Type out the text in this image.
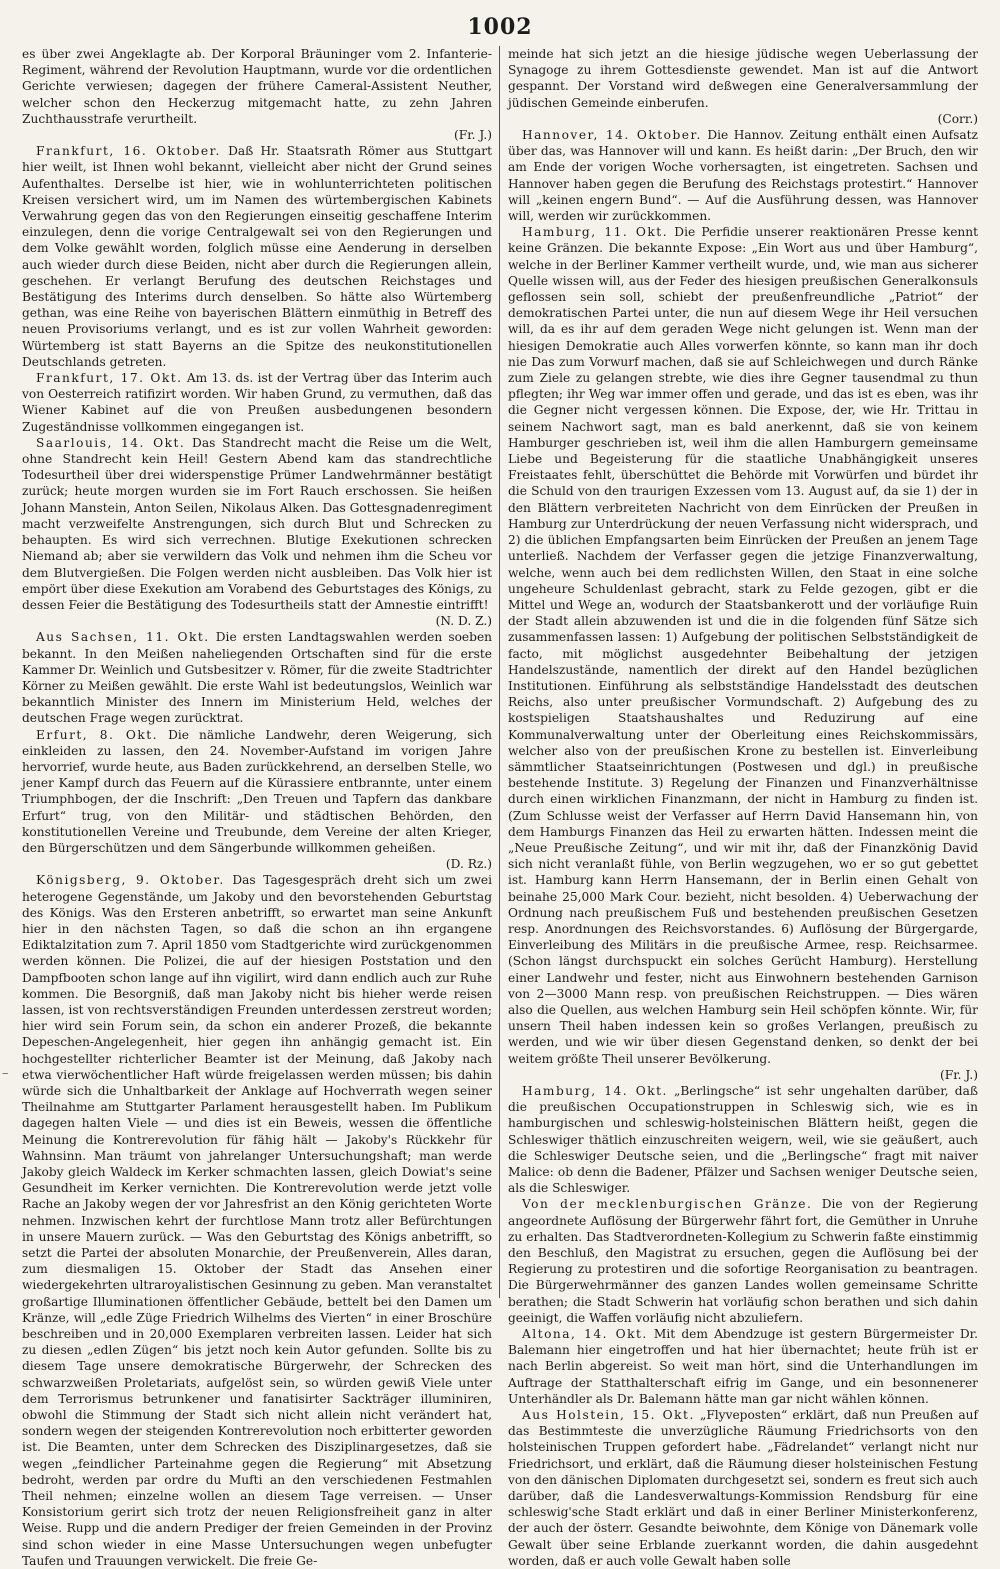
1002

es über zwei Angeklagte ab. Der Korporal Bräuninger vom 2. Infanterie-Regiment, während der Revolution Hauptmann, wurde vor die ordentlichen Gerichte verwiesen; dagegen der frühere Cameral-Assistent Neuther, welcher schon den Heckerzug mitgemacht hatte, zu zehn Jahren Zuchthausstrafe verurtheilt.
(Fr. J.)

Frankfurt, 16. Oktober. Daß Hr. Staatsrath Römer aus Stuttgart hier weilt, ist Ihnen wohl bekannt, vielleicht aber nicht der Grund seines Aufenthaltes. Derselbe ist hier, wie in wohlunterrichteten politischen Kreisen versichert wird, um im Namen des würtembergischen Kabinets Verwahrung gegen das von den Regierungen einseitig geschaffene Interim einzulegen, denn die vorige Centralgewalt sei von den Regierungen und dem Volke gewählt worden, folglich müsse eine Aenderung in derselben auch wieder durch diese Beiden, nicht aber durch die Regierungen allein, geschehen. Er verlangt Berufung des deutschen Reichstages und Bestätigung des Interims durch denselben. So hätte also Würtemberg gethan, was eine Reihe von bayerischen Blättern einmüthig in Betreff des neuen Provisoriums verlangt, und es ist zur vollen Wahrheit geworden: Würtemberg ist statt Bayerns an die Spitze des neukonstitutionellen Deutschlands getreten.

Frankfurt, 17. Okt. Am 13. ds. ist der Vertrag über das Interim auch von Oesterreich ratifizirt worden. Wir haben Grund, zu vermuthen, daß das Wiener Kabinet auf die von Preußen ausbedungenen besondern Zugeständnisse vollkommen eingegangen ist.

Saarlouis, 14. Okt. Das Standrecht macht die Reise um die Welt, ohne Standrecht kein Heil! Gestern Abend kam das standrechtliche Todesurtheil über drei widerspenstige Prümer Landwehrmänner bestätigt zurück; heute morgen wurden sie im Fort Rauch erschossen. Sie heißen Johann Manstein, Anton Seilen, Nikolaus Alken. Das Gottesgnadenregiment macht verzweifelte Anstrengungen, sich durch Blut und Schrecken zu behaupten. Es wird sich verrechnen. Blutige Exekutionen schrecken Niemand ab; aber sie verwildern das Volk und nehmen ihm die Scheu vor dem Blutvergießen. Die Folgen werden nicht ausbleiben. Das Volk hier ist empört über diese Exekution am Vorabend des Geburtstages des Königs, zu dessen Feier die Bestätigung des Todesurtheils statt der Amnestie eintrifft!
(N. D. Z.)

Aus Sachsen, 11. Okt. Die ersten Landtagswahlen werden soeben bekannt. In den Meißen naheliegenden Ortschaften sind für die erste Kammer Dr. Weinlich und Gutsbesitzer v. Römer, für die zweite Stadtrichter Körner zu Meißen gewählt. Die erste Wahl ist bedeutungslos, Weinlich war bekanntlich Minister des Innern im Ministerium Held, welches der deutschen Frage wegen zurücktrat.

Erfurt, 8. Okt. Die nämliche Landwehr, deren Weigerung, sich einkleiden zu lassen, den 24. November-Aufstand im vorigen Jahre hervorrief, wurde heute, aus Baden zurückkehrend, an derselben Stelle, wo jener Kampf durch das Feuern auf die Kürassiere entbrannte, unter einem Triumphbogen, der die Inschrift: „Den Treuen und Tapfern das dankbare Erfurt“ trug, von den Militär- und städtischen Behörden, den konstitutionellen Vereine und Treubunde, dem Vereine der alten Krieger, den Bürgerschützen und dem Sängerbunde willkommen geheißen.
(D. Rz.)

Königsberg, 9. Oktober. Das Tagesgespräch dreht sich um zwei heterogene Gegenstände, um Jakoby und den bevorstehenden Geburtstag des Königs. Was den Ersteren anbetrifft, so erwartet man seine Ankunft hier in den nächsten Tagen, so daß die schon an ihn ergangene Ediktalzitation zum 7. April 1850 vom Stadtgerichte wird zurückgenommen werden können. Die Polizei, die auf der hiesigen Poststation und den Dampfbooten schon lange auf ihn vigilirt, wird dann endlich auch zur Ruhe kommen. Die Besorgniß, daß man Jakoby nicht bis hieher werde reisen lassen, ist von rechtsverständigen Freunden unterdessen zerstreut worden; hier wird sein Forum sein, da schon ein anderer Prozeß, die bekannte Depeschen-Angelegenheit, hier gegen ihn anhängig gemacht ist. Ein hochgestellter richterlicher Beamter ist der Meinung, daß Jakoby nach etwa vierwöchentlicher Haft würde freigelassen werden müssen; bis dahin würde sich die Unhaltbarkeit der Anklage auf Hochverrath wegen seiner Theilnahme am Stuttgarter Parlament herausgestellt haben. Im Publikum dagegen halten Viele — und dies ist ein Beweis, wessen die öffentliche Meinung die Kontrerevolution für fähig hält — Jakoby's Rückkehr für Wahnsinn. Man träumt von jahrelanger Untersuchungshaft; man werde Jakoby gleich Waldeck im Kerker schmachten lassen, gleich Dowiat's seine Gesundheit im Kerker vernichten. Die Kontrerevolution werde jetzt volle Rache an Jakoby wegen der vor Jahresfrist an den König gerichteten Worte nehmen. Inzwischen kehrt der furchtlose Mann trotz aller Befürchtungen in unsere Mauern zurück. — Was den Geburtstag des Königs anbetrifft, so setzt die Partei der absoluten Monarchie, der Preußenverein, Alles daran, zum diesmaligen 15. Oktober der Stadt das Ansehen einer wiedergekehrten ultraroyalistischen Gesinnung zu geben. Man veranstaltet großartige Illuminationen öffentlicher Gebäude, bettelt bei den Damen um Kränze, will „edle Züge Friedrich Wilhelms des Vierten“ in einer Broschüre beschreiben und in 20,000 Exemplaren verbreiten lassen. Leider hat sich zu diesen „edlen Zügen“ bis jetzt noch kein Autor gefunden. Sollte bis zu diesem Tage unsere demokratische Bürgerwehr, der Schrecken des schwarzweißen Proletariats, aufgelöst sein, so würden gewiß Viele unter dem Terrorismus betrunkener und fanatisirter Sackträger illuminiren, obwohl die Stimmung der Stadt sich nicht allein nicht verändert hat, sondern wegen der steigenden Kontrerevolution noch erbitterter geworden ist. Die Beamten, unter dem Schrecken des Disziplinargesetzes, daß sie wegen „feindlicher Parteinahme gegen die Regierung“ mit Absetzung bedroht, werden par ordre du Mufti an den verschiedenen Festmahlen Theil nehmen; einzelne wollen an diesem Tage verreisen. — Unser Konsistorium gerirt sich trotz der neuen Religionsfreiheit ganz in alter Weise. Rupp und die andern Prediger der freien Gemeinden in der Provinz sind schon wieder in eine Masse Untersuchungen wegen unbefugter Taufen und Trauungen verwickelt. Die freie Ge-

meinde hat sich jetzt an die hiesige jüdische wegen Ueberlassung der Synagoge zu ihrem Gottesdienste gewendet. Man ist auf die Antwort gespannt. Der Vorstand wird deßwegen eine Generalversammlung der jüdischen Gemeinde einberufen.
(Corr.)

Hannover, 14. Oktober. Die Hannov. Zeitung enthält einen Aufsatz über das, was Hannover will und kann. Es heißt darin: „Der Bruch, den wir am Ende der vorigen Woche vorhersagten, ist eingetreten. Sachsen und Hannover haben gegen die Berufung des Reichstags protestirt.“ Hannover will „keinen engern Bund“. — Auf die Ausführung dessen, was Hannover will, werden wir zurückkommen.

Hamburg, 11. Okt. Die Perfidie unserer reaktionären Presse kennt keine Gränzen. Die bekannte Expose: „Ein Wort aus und über Hamburg“, welche in der Berliner Kammer vertheilt wurde, und, wie man aus sicherer Quelle wissen will, aus der Feder des hiesigen preußischen Generalkonsuls geflossen sein soll, schiebt der preußenfreundliche „Patriot“ der demokratischen Partei unter, die nun auf diesem Wege ihr Heil versuchen will, da es ihr auf dem geraden Wege nicht gelungen ist. Wenn man der hiesigen Demokratie auch Alles vorwerfen könnte, so kann man ihr doch nie Das zum Vorwurf machen, daß sie auf Schleichwegen und durch Ränke zum Ziele zu gelangen strebte, wie dies ihre Gegner tausendmal zu thun pflegten; ihr Weg war immer offen und gerade, und das ist es eben, was ihr die Gegner nicht vergessen können. Die Expose, der, wie Hr. Trittau in seinem Nachwort sagt, man es bald anerkennt, daß sie von keinem Hamburger geschrieben ist, weil ihm die allen Hamburgern gemeinsame Liebe und Begeisterung für die staatliche Unabhängigkeit unseres Freistaates fehlt, überschüttet die Behörde mit Vorwürfen und bürdet ihr die Schuld von den traurigen Exzessen vom 13. August auf, da sie 1) der in den Blättern verbreiteten Nachricht von dem Einrücken der Preußen in Hamburg zur Unterdrückung der neuen Verfassung nicht widersprach, und 2) die üblichen Empfangsarten beim Einrücken der Preußen an jenem Tage unterließ. Nachdem der Verfasser gegen die jetzige Finanzverwaltung, welche, wenn auch bei dem redlichsten Willen, den Staat in eine solche ungeheure Schuldenlast gebracht, stark zu Felde gezogen, gibt er die Mittel und Wege an, wodurch der Staatsbankerott und der vorläufige Ruin der Stadt allein abzuwenden ist und die in die folgenden fünf Sätze sich zusammenfassen lassen: 1) Aufgebung der politischen Selbstständigkeit de facto, mit möglichst ausgedehnter Beibehaltung der jetzigen Handelszustände, namentlich der direkt auf den Handel bezüglichen Institutionen. Einführung als selbstständige Handelsstadt des deutschen Reichs, also unter preußischer Vormundschaft. 2) Aufgebung des zu kostspieligen Staatshaushaltes und Reduzirung auf eine Kommunalverwaltung unter der Oberleitung eines Reichskommissärs, welcher also von der preußischen Krone zu bestellen ist. Einverleibung sämmtlicher Staatseinrichtungen (Postwesen und dgl.) in preußische bestehende Institute. 3) Regelung der Finanzen und Finanzverhältnisse durch einen wirklichen Finanzmann, der nicht in Hamburg zu finden ist. (Zum Schlusse weist der Verfasser auf Herrn David Hansemann hin, von dem Hamburgs Finanzen das Heil zu erwarten hätten. Indessen meint die „Neue Preußische Zeitung“, und wir mit ihr, daß der Finanzkönig David sich nicht veranlaßt fühle, von Berlin wegzugehen, wo er so gut gebettet ist. Hamburg kann Herrn Hansemann, der in Berlin einen Gehalt von beinahe 25,000 Mark Cour. bezieht, nicht besolden. 4) Ueberwachung der Ordnung nach preußischem Fuß und bestehenden preußischen Gesetzen resp. Anordnungen des Reichsvorstandes. 6) Auflösung der Bürgergarde, Einverleibung des Militärs in die preußische Armee, resp. Reichsarmee. (Schon längst durchspuckt ein solches Gerücht Hamburg). Herstellung einer Landwehr und fester, nicht aus Einwohnern bestehenden Garnison von 2—3000 Mann resp. von preußischen Reichstruppen. — Dies wären also die Quellen, aus welchen Hamburg sein Heil schöpfen könnte. Wir, für unsern Theil haben indessen kein so großes Verlangen, preußisch zu werden, und wie wir über diesen Gegenstand denken, so denkt der bei weitem größte Theil unserer Bevölkerung.
(Fr. J.)

Hamburg, 14. Okt. „Berlingsche“ ist sehr ungehalten darüber, daß die preußischen Occupationstruppen in Schleswig sich, wie es in hamburgischen und schleswig-holsteinischen Blättern heißt, gegen die Schleswiger thätlich einzuschreiten weigern, weil, wie sie geäußert, auch die Schleswiger Deutsche seien, und die „Berlingsche“ fragt mit naiver Malice: ob denn die Badener, Pfälzer und Sachsen weniger Deutsche seien, als die Schleswiger.

Von der mecklenburgischen Gränze. Die von der Regierung angeordnete Auflösung der Bürgerwehr fährt fort, die Gemüther in Unruhe zu erhalten. Das Stadtverordneten-Kollegium zu Schwerin faßte einstimmig den Beschluß, den Magistrat zu ersuchen, gegen die Auflösung bei der Regierung zu protestiren und die sofortige Reorganisation zu beantragen. Die Bürgerwehrmänner des ganzen Landes wollen gemeinsame Schritte berathen; die Stadt Schwerin hat vorläufig schon berathen und sich dahin geeinigt, die Waffen vorläufig nicht abzuliefern.

Altona, 14. Okt. Mit dem Abendzuge ist gestern Bürgermeister Dr. Balemann hier eingetroffen und hat hier übernachtet; heute früh ist er nach Berlin abgereist. So weit man hört, sind die Unterhandlungen im Auftrage der Statthalterschaft eifrig im Gange, und ein besonnenerer Unterhändler als Dr. Balemann hätte man gar nicht wählen können.

Aus Holstein, 15. Okt. „Flyveposten“ erklärt, daß nun Preußen auf das Bestimmteste die unverzügliche Räumung Friedrichsorts von den holsteinischen Truppen gefordert habe. „Fädrelandet“ verlangt nicht nur Friedrichsort, und erklärt, daß die Räumung dieser holsteinischen Festung von den dänischen Diplomaten durchgesetzt sei, sondern es freut sich auch darüber, daß die Landesverwaltungs-Kommission Rendsburg für eine schleswig'sche Stadt erklärt und daß in einer Berliner Ministerkonferenz, der auch der österr. Gesandte beiwohnte, dem Könige von Dänemark volle Gewalt über seine Erblande zuerkannt worden, die dahin ausgedehnt worden, daß er auch volle Gewalt haben solle

–
